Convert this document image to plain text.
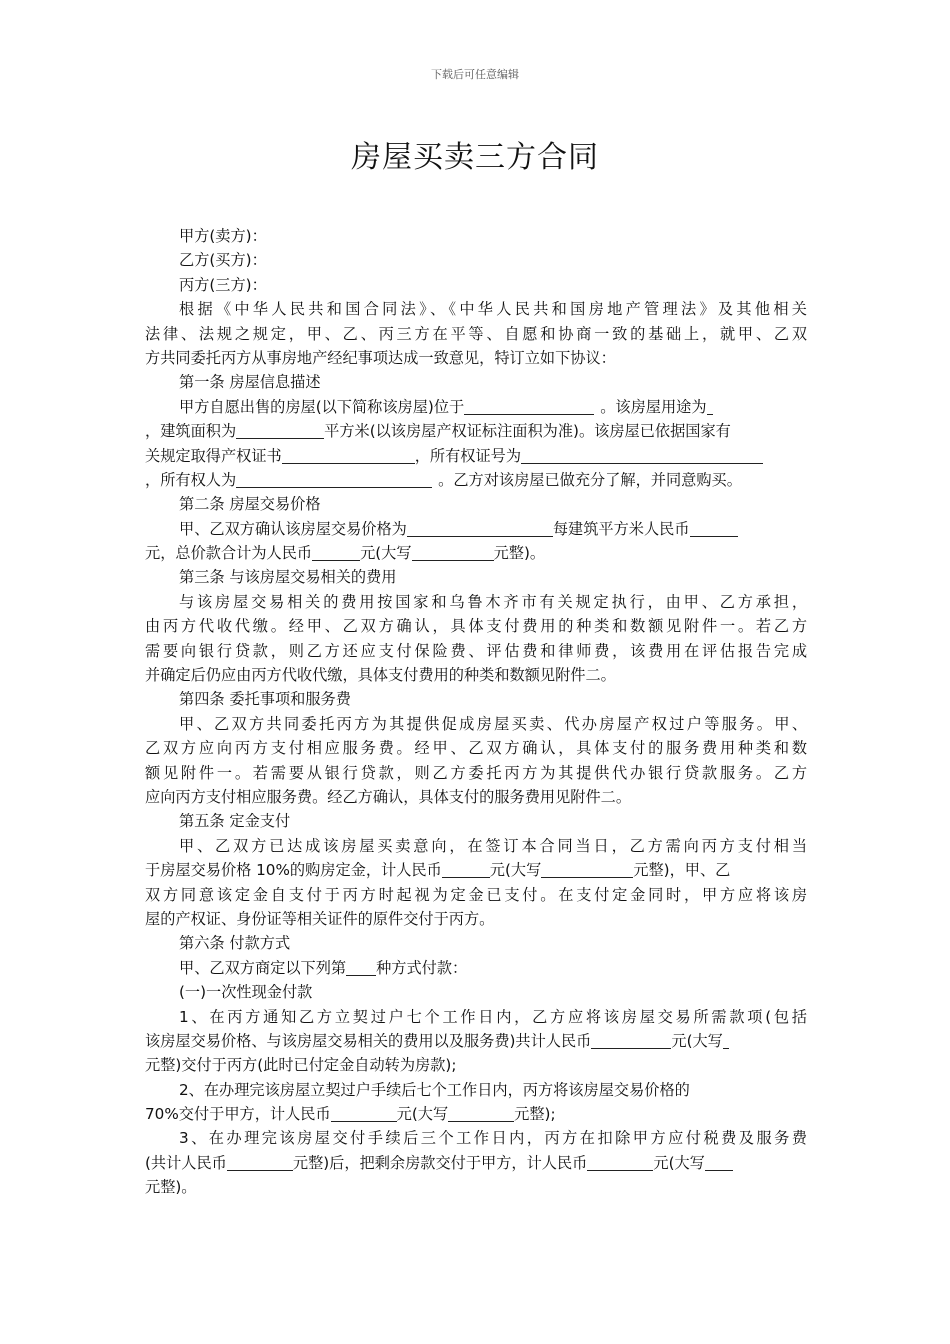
下载后可任意编辑
房屋买卖三方合同
甲方(卖方)：
乙方(买方)：
丙方(三方)：
根据《中华人民共和国合同法》、《中华人民共和国房地产管理法》及其他相关
法律、法规之规定，甲、乙、丙三方在平等、自愿和协商一致的基础上，就甲、乙双
方共同委托丙方从事房地产经纪事项达成一致意见，特订立如下协议：
第一条 房屋信息描述
甲方自愿出售的房屋(以下简称该房屋)位于	。该房屋用途为
，建筑面积为	平方米(以该房屋产权证标注面积为准)。该房屋已依据国家有
关规定取得产权证书	，所有权证号为
，所有权人为	。乙方对该房屋已做充分了解，并同意购买。
第二条 房屋交易价格
甲、乙双方确认该房屋交易价格为	每建筑平方米人民币
元，总价款合计为人民币	元(大写	元整)。
第三条 与该房屋交易相关的费用
与该房屋交易相关的费用按国家和乌鲁木齐市有关规定执行，由甲、乙方承担，
由丙方代收代缴。经甲、乙双方确认，具体支付费用的种类和数额见附件一。若乙方
需要向银行贷款，则乙方还应支付保险费、评估费和律师费，该费用在评估报告完成
并确定后仍应由丙方代收代缴，具体支付费用的种类和数额见附件二。
第四条 委托事项和服务费
甲、乙双方共同委托丙方为其提供促成房屋买卖、代办房屋产权过户等服务。甲、
乙双方应向丙方支付相应服务费。经甲、乙双方确认，具体支付的服务费用种类和数
额见附件一。若需要从银行贷款，则乙方委托丙方为其提供代办银行贷款服务。乙方
应向丙方支付相应服务费。经乙方确认，具体支付的服务费用见附件二。
第五条 定金支付
甲、乙双方已达成该房屋买卖意向，在签订本合同当日，乙方需向丙方支付相当
于房屋交易价格 10%的购房定金，计人民币	元(大写	元整)，甲、乙
双方同意该定金自支付于丙方时起视为定金已支付。在支付定金同时，甲方应将该房
屋的产权证、身份证等相关证件的原件交付于丙方。
第六条 付款方式
甲、乙双方商定以下列第 种方式付款：
(一)一次性现金付款
1、在丙方通知乙方立契过户七个工作日内，乙方应将该房屋交易所需款项(包括
该房屋交易价格、与该房屋交易相关的费用以及服务费)共计人民币	元(大写
元整)交付于丙方(此时已付定金自动转为房款);
2、在办理完该房屋立契过户手续后七个工作日内，丙方将该房屋交易价格的
70%交付于甲方，计人民币	元(大写	元整);
3、在办理完该房屋交付手续后三个工作日内，丙方在扣除甲方应付税费及服务费
(共计人民币	元整)后，把剩余房款交付于甲方，计人民币	元(大写
元整)。
